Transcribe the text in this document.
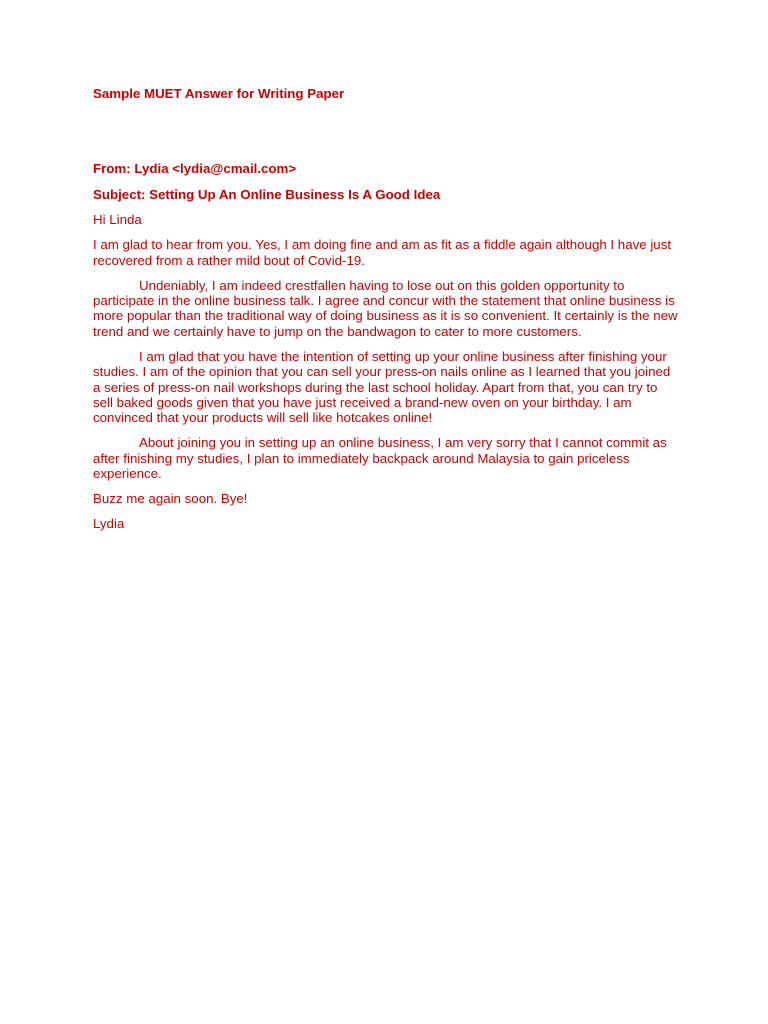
Sample MUET Answer for Writing Paper

From: Lydia <lydia@cmail.com>

Subject: Setting Up An Online Business Is A Good Idea

Hi Linda

I am glad to hear from you. Yes, I am doing fine and am as fit as a fiddle again although I have just recovered from a rather mild bout of Covid-19.

Undeniably, I am indeed crestfallen having to lose out on this golden opportunity to participate in the online business talk. I agree and concur with the statement that online business is more popular than the traditional way of doing business as it is so convenient. It certainly is the new trend and we certainly have to jump on the bandwagon to cater to more customers.

I am glad that you have the intention of setting up your online business after finishing your studies. I am of the opinion that you can sell your press-on nails online as I learned that you joined a series of press-on nail workshops during the last school holiday. Apart from that, you can try to sell baked goods given that you have just received a brand-new oven on your birthday. I am convinced that your products will sell like hotcakes online!

About joining you in setting up an online business, I am very sorry that I cannot commit as after finishing my studies, I plan to immediately backpack around Malaysia to gain priceless experience.

Buzz me again soon. Bye!

Lydia
